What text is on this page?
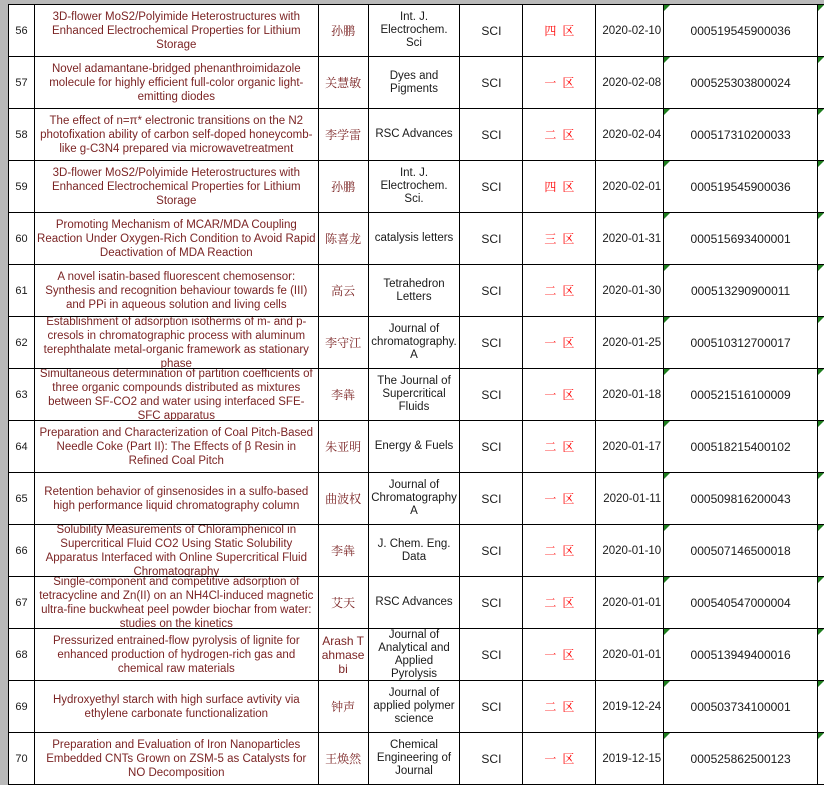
56
3D-flower MoS2/Polyimide Heterostructures with Enhanced Electrochemical Properties for Lithium Storage
孙鹏
Int. J. Electrochem. Sci
SCI	四区 2020-02-10 000519545900036
57
Novel adamantane-bridged phenanthroimidazole molecule for highly efficient full-color organic light-emitting diodes
关慧敏	Dyes and Pigments	SCI	一区 2020-02-08 000525303800024
58
The effect of n=π* electronic transitions on the N2 photofixation ability of carbon self-doped honeycomb-like g-C3N4 prepared via microwavetreatment
李学雷 RSC Advances SCI	二区 2020-02-04 000517310200033
59
3D-flower MoS2/Polyimide Heterostructures with Enhanced Electrochemical Properties for Lithium Storage
孙鹏
Int. J. Electrochem. Sci.
SCI	四区 2020-02-01 000519545900036
60
Promoting Mechanism of MCAR/MDA Coupling Reaction Under Oxygen-Rich Condition to Avoid Rapid Deactivation of MDA Reaction
陈喜龙 catalysis letters SCI	三区 2020-01-31 000515693400001
61
A novel isatin-based fluorescent chemosensor: Synthesis and recognition behaviour towards fe (III) and PPi in aqueous solution and living cells
高云	Tetrahedron Letters	SCI	二区 2020-01-30 000513290900011
62
Establishment of adsorption isotherms of m- and p-cresols in chromatographic process with aluminum terephthalate metal-organic framework as stationary phase
李守江
Journal of chromatography. A
SCI	一区 2020-01-25 000510312700017
63
Simultaneous determination of partition coefficients of three organic compounds distributed as mixtures between SF-CO2 and water using interfaced SFE-SFC apparatus
李犇
The Journal of Supercritical Fluids
SCI	一区 2020-01-18 000521516100009
64
Preparation and Characterization of Coal Pitch-Based Needle Coke (Part II): The Effects of β Resin in Refined Coal Pitch
朱亚明 Energy & Fuels SCI	二区 2020-01-17 000518215400102
65
Retention behavior of ginsenosides in a sulfo-based high performance liquid chromatography column	曲波权
Journal of Chromatography A
SCI	一区 2020-01-11 000509816200043
66
Solubility Measurements of Chloramphenicol in Supercritical Fluid CO2 Using Static Solubility Apparatus Interfaced with Online Supercritical Fluid Chromatography
李犇	J. Chem. Eng. Data	SCI	二区 2020-01-10 000507146500018
67
Single-component and competitive adsorption of tetracycline and Zn(II) on an NH4Cl-induced magnetic ultra-fine buckwheat peel powder biochar from water: studies on the kinetics
艾天 RSC Advances SCI	二区 2020-01-01 000540547000004
68
Pressurized entrained-flow pyrolysis of lignite for enhanced production of hydrogen-rich gas and chemical raw materials
Arash Tahmasebi
Journal of Analytical and Applied Pyrolysis
SCI	一区 2020-01-01 000513949400016
69
Hydroxyethyl starch with high surface avtivity via ethylene carbonate functionalization	钟声
Journal of applied polymer science
SCI	二区 2019-12-24 000503734100001
70
Preparation and Evaluation of Iron Nanoparticles Embedded CNTs Grown on ZSM-5 as Catalysts for NO Decomposition
王焕然
Chemical Engineering of Journal
SCI	一区 2019-12-15 000525862500123
